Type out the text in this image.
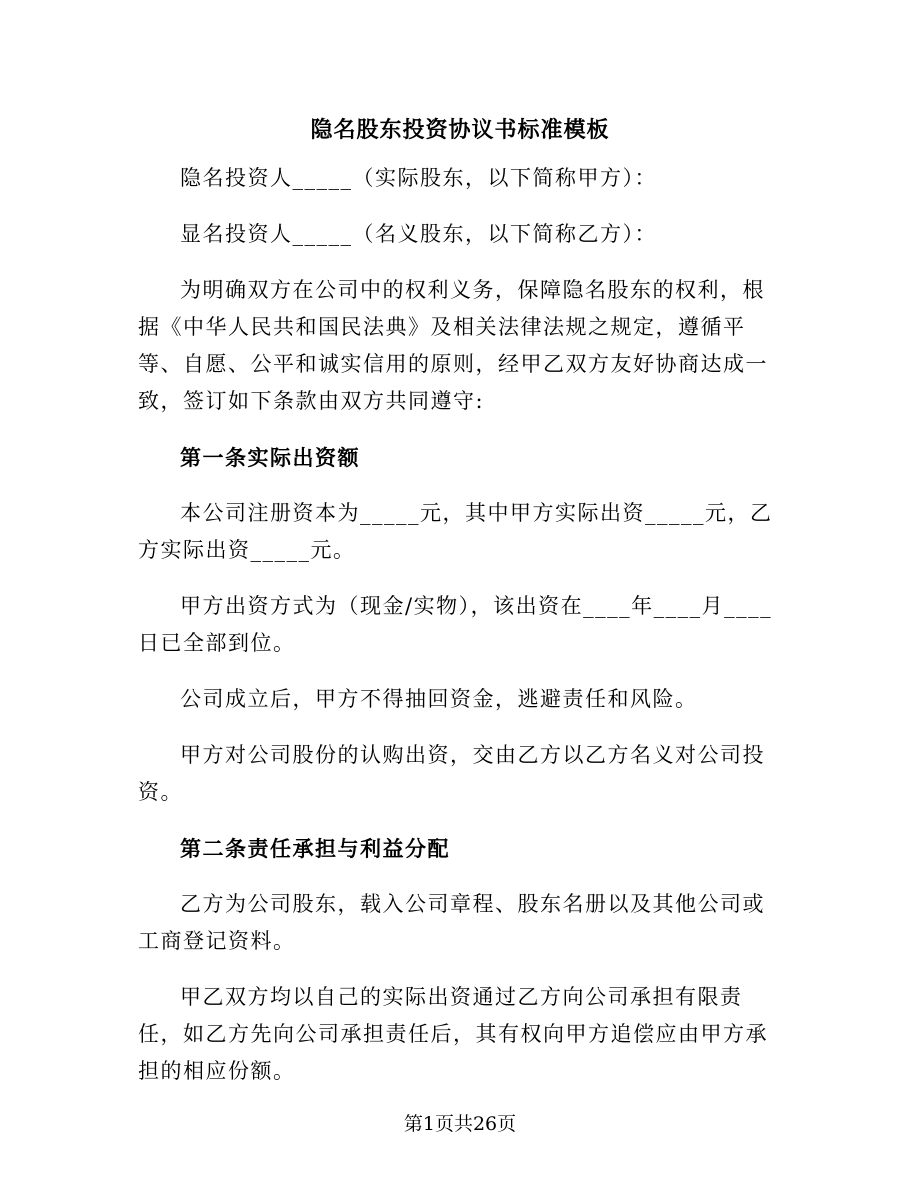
隐名股东投资协议书标准模板

隐名投资人_____（实际股东，以下简称甲方）：

显名投资人_____（名义股东，以下简称乙方）：

为明确双方在公司中的权利义务，保障隐名股东的权利，根据《中华人民共和国民法典》及相关法律法规之规定，遵循平等、自愿、公平和诚实信用的原则，经甲乙双方友好协商达成一致，签订如下条款由双方共同遵守:

第一条实际出资额

本公司注册资本为_____元，其中甲方实际出资_____元，乙方实际出资_____元。

甲方出资方式为（现金/实物），该出资在____年____月____日已全部到位。

公司成立后，甲方不得抽回资金，逃避责任和风险。

甲方对公司股份的认购出资，交由乙方以乙方名义对公司投资。

第二条责任承担与利益分配

乙方为公司股东，载入公司章程、股东名册以及其他公司或工商登记资料。

甲乙双方均以自己的实际出资通过乙方向公司承担有限责任，如乙方先向公司承担责任后，其有权向甲方追偿应由甲方承担的相应份额。

第1页共26页
